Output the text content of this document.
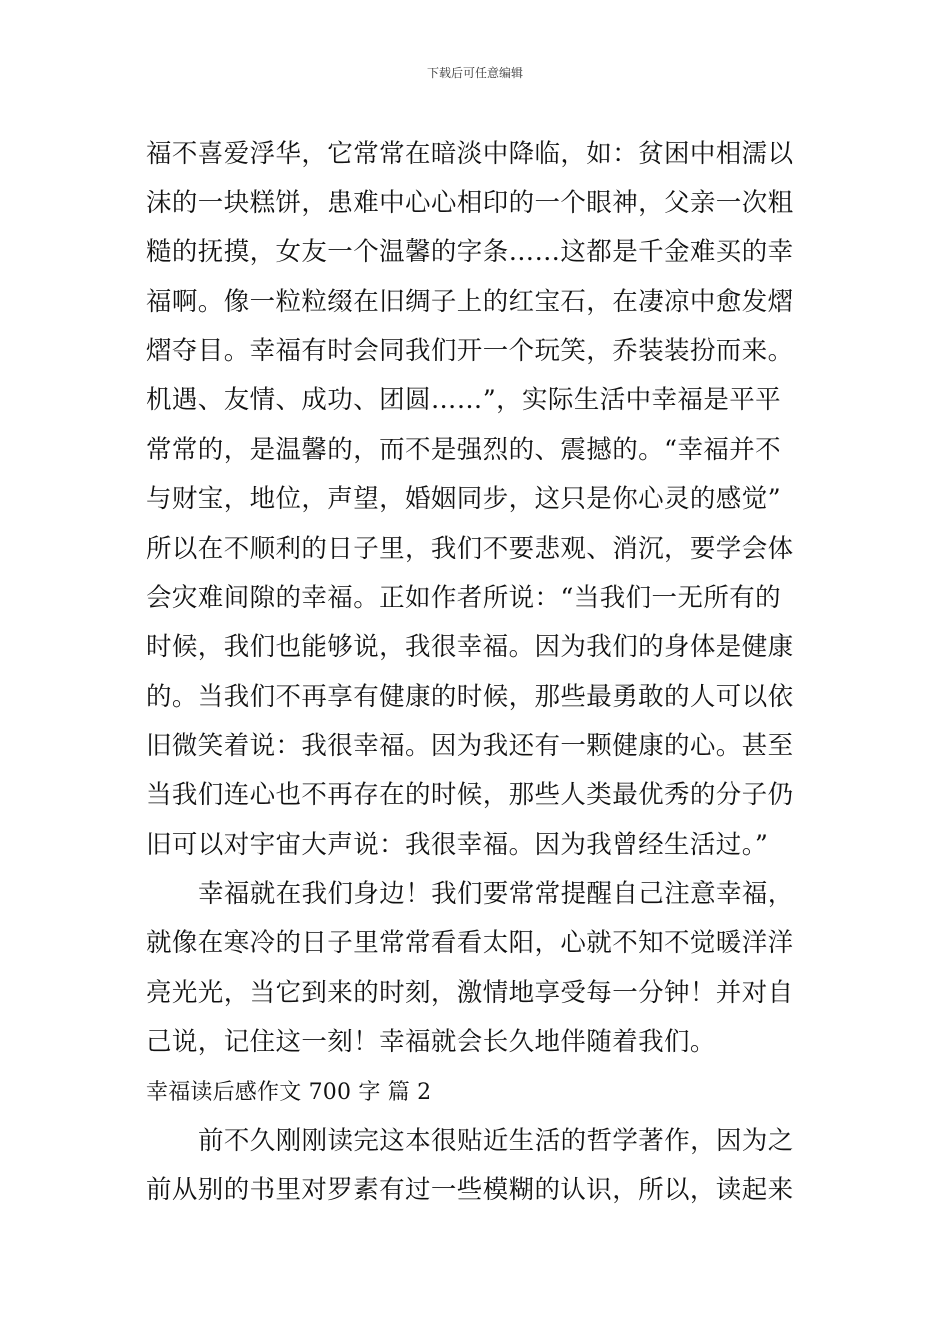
下载后可任意编辑
福不喜爱浮华，它常常在暗淡中降临，如：贫困中相濡以
沫的一块糕饼，患难中心心相印的一个眼神，父亲一次粗
糙的抚摸，女友一个温馨的字条……这都是千金难买的幸
福啊。像一粒粒缀在旧绸子上的红宝石，在凄凉中愈发熠
熠夺目。幸福有时会同我们开一个玩笑，乔装装扮而来。
机遇、友情、成功、团圆……”，实际生活中幸福是平平
常常的，是温馨的，而不是强烈的、震撼的。“幸福并不
与财宝，地位，声望，婚姻同步，这只是你心灵的感觉”
所以在不顺利的日子里，我们不要悲观、消沉，要学会体
会灾难间隙的幸福。正如作者所说：“当我们一无所有的
时候，我们也能够说，我很幸福。因为我们的身体是健康
的。当我们不再享有健康的时候，那些最勇敢的人可以依
旧微笑着说：我很幸福。因为我还有一颗健康的心。甚至
当我们连心也不再存在的时候，那些人类最优秀的分子仍
旧可以对宇宙大声说：我很幸福。因为我曾经生活过。”
幸福就在我们身边！我们要常常提醒自己注意幸福，
就像在寒冷的日子里常常看看太阳，心就不知不觉暖洋洋
亮光光，当它到来的时刻，激情地享受每一分钟！并对自
己说，记住这一刻！幸福就会长久地伴随着我们。
幸福读后感作文 700 字 篇 2
前不久刚刚读完这本很贴近生活的哲学著作，因为之
前从别的书里对罗素有过一些模糊的认识，所以，读起来
